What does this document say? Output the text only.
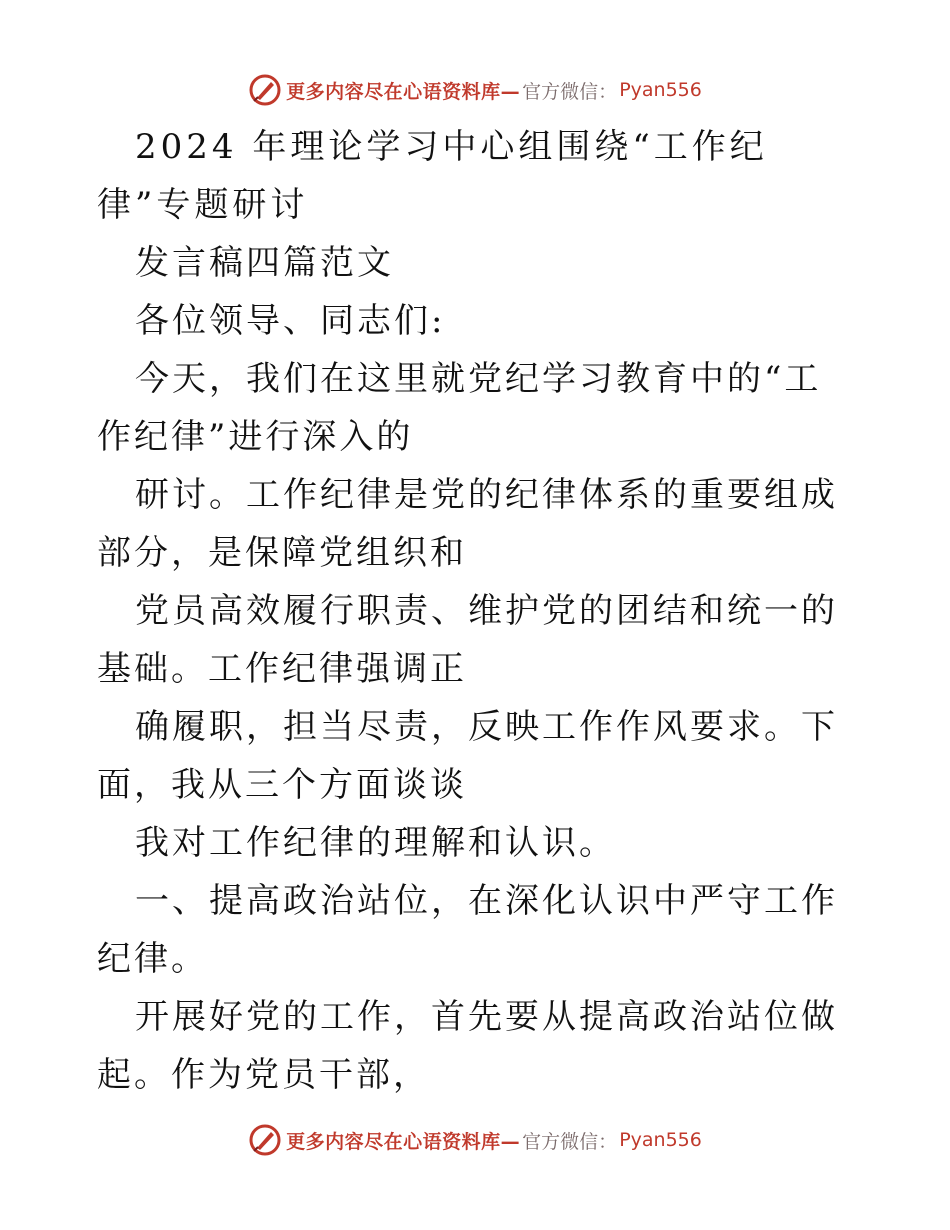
更多内容尽在心语资料库— 官方微信： Pyan556

2024 年理论学习中心组围绕“工作纪律”专题研讨

发言稿四篇范文

各位领导、同志们:

今天，我们在这里就党纪学习教育中的“工作纪律”进行深入的

研讨。工作纪律是党的纪律体系的重要组成部分，是保障党组织和

党员高效履行职责、维护党的团结和统一的基础。工作纪律强调正

确履职，担当尽责，反映工作作风要求。下面，我从三个方面谈谈

我对工作纪律的理解和认识。

一、提高政治站位，在深化认识中严守工作纪律。

开展好党的工作，首先要从提高政治站位做起。作为党员干部，

更多内容尽在心语资料库— 官方微信： Pyan556
